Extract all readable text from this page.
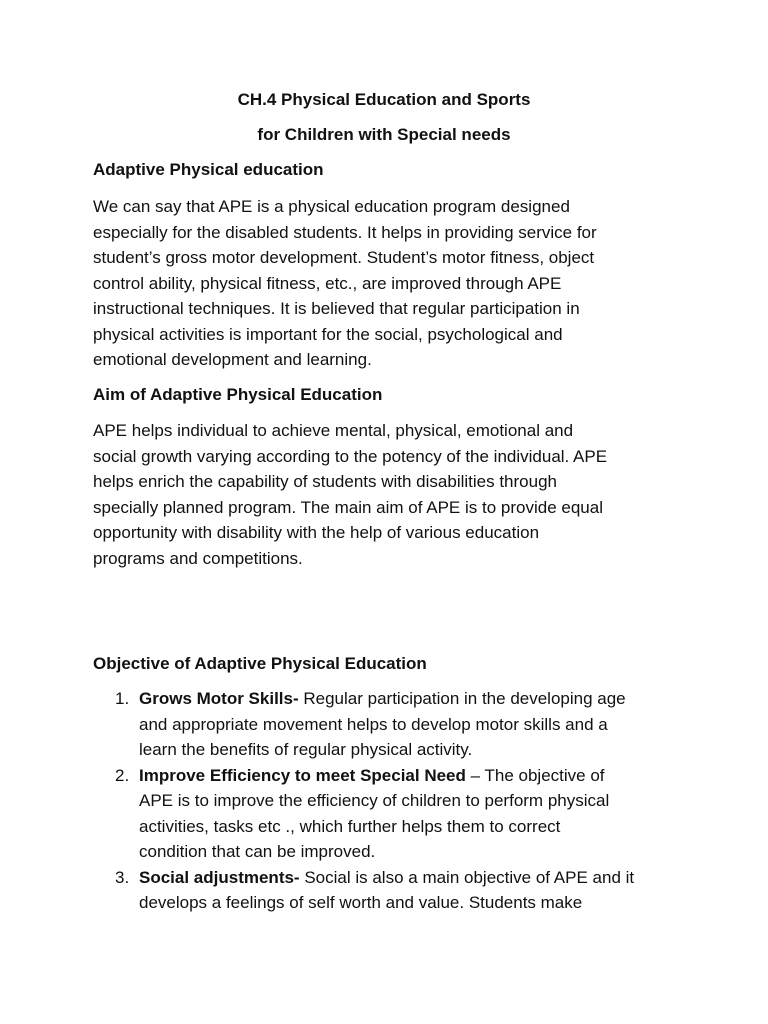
CH.4 Physical Education and Sports
for Children with Special needs
Adaptive Physical education
We can say that APE is a physical education program designed
especially for the disabled students. It helps in providing service for
student’s gross motor development. Student’s motor fitness, object
control ability, physical fitness, etc., are improved through APE
instructional techniques. It is believed that regular participation in
physical activities is important for the social, psychological and
emotional development and learning.
Aim of Adaptive Physical Education
APE helps individual to achieve mental, physical, emotional and
social growth varying according to the potency of the individual. APE
helps enrich the capability of students with disabilities through
specially planned program. The main aim of APE is to provide equal
opportunity with disability with the help of various education
programs and competitions.
Objective of Adaptive Physical Education
1. Grows Motor Skills- Regular participation in the developing age
and appropriate movement helps to develop motor skills and a
learn the benefits of regular physical activity.
2. Improve Efficiency to meet Special Need – The objective of
APE is to improve the efficiency of children to perform physical
activities, tasks etc ., which further helps them to correct
condition that can be improved.
3. Social adjustments- Social is also a main objective of APE and it
develops a feelings of self worth and value. Students make
